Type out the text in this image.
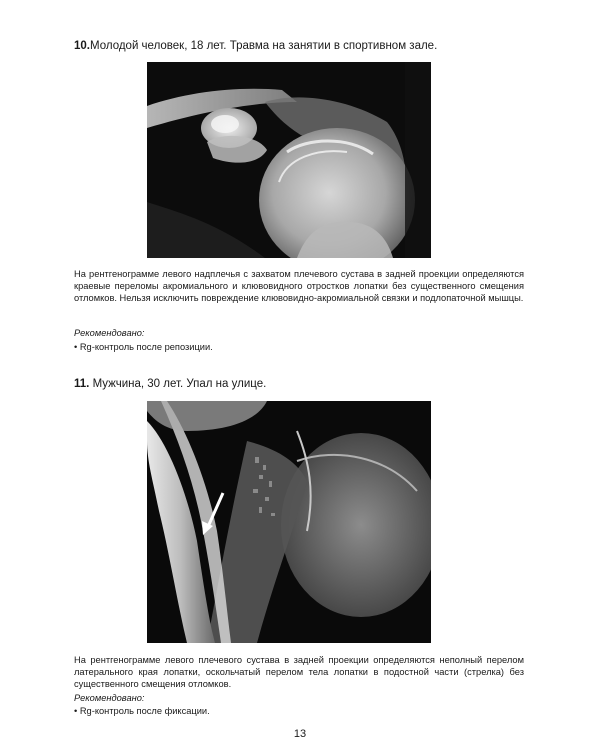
10.Молодой человек, 18 лет. Травма на занятии в спортивном зале.

На рентгенограмме левого надплечья с захватом плечевого сустава в задней проекции определяются краевые переломы акромиального и клювовидного отростков лопатки без существенного смещения отломков. Нельзя исключить повреждение клювовидно-акромиальной связки и подлопаточной мышцы.

Рекомендовано:

• Rg-контроль после репозиции.

11. Мужчина, 30 лет. Упал на улице.

На рентгенограмме левого плечевого сустава в задней проекции определяются неполный перелом латерального края лопатки, оскольчатый перелом тела лопатки в подостной части (стрелка) без существенного смещения отломков.

Рекомендовано:

• Rg-контроль после фиксации.

13
